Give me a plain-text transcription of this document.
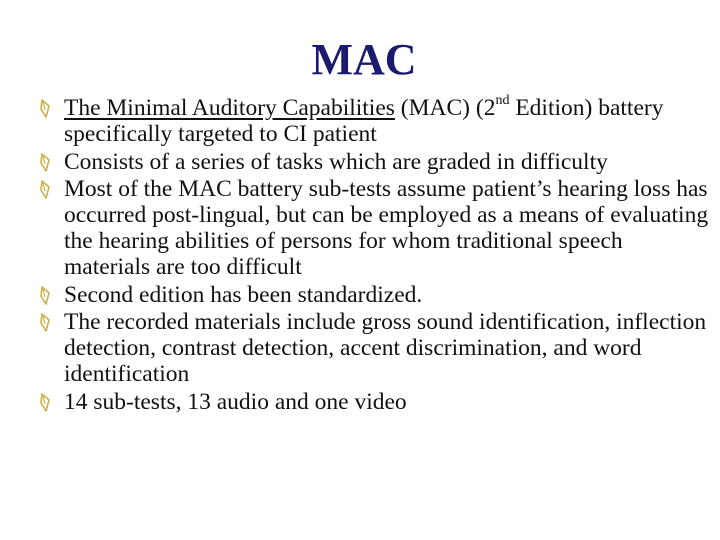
MAC
The Minimal Auditory Capabilities (MAC) (2nd Edition) battery specifically targeted to CI patient
Consists of a series of tasks which are graded in difficulty
Most of the MAC battery sub-tests assume patient’s hearing loss has occurred post-lingual, but can be employed as a means of evaluating the hearing abilities of persons for whom traditional speech materials are too difficult
Second edition has been standardized.
The recorded materials include gross sound identification, inflection detection, contrast detection, accent discrimination, and word identification
14 sub-tests, 13 audio and one video
